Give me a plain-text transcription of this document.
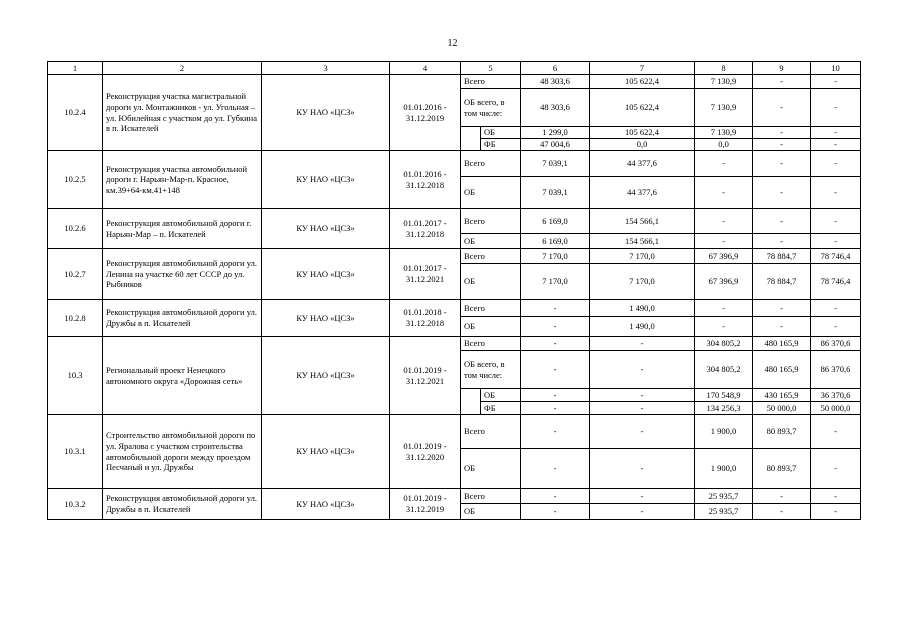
12
1	2	3	4	5		6	7	8	9	10
10.2.4	Реконструкция участка магистральной дороги ул. Монтажников - ул. Угольная – ул. Юбилейная с участком до ул. Губкина в п. Искателей	КУ НАО «ЦСЗ»	01.01.2016 - 31.12.2019	Всего		48 303,6	105 622,4	7 130,9	-	-
				ОБ всего, в том числе:		48 303,6	105 622,4	7 130,9	-	-
					ОБ	1 299,0	105 622,4	7 130,9	-	-
					ФБ	47 004,6	0,0	0,0	-	-
10.2.5	Реконструкция участка автомобильной дороги г. Нарьян-Мар-п. Красное, км.39+64-км.41+148	КУ НАО «ЦСЗ»	01.01.2016 - 31.12.2018	Всего		7 039,1	44 377,6	-	-	-
				ОБ		7 039,1	44 377,6	-	-	-
10.2.6	Реконструкция автомобильной дороги г. Нарьян-Мар – п. Искателей	КУ НАО «ЦСЗ»	01.01.2017 - 31.12.2018	Всего		6 169,0	154 566,1	-	-	-
				ОБ		6 169,0	154 566,1	-	-	-
10.2.7	Реконструкция автомобильной дороги ул. Ленина на участке 60 лет СССР до ул. Рыбников	КУ НАО «ЦСЗ»	01.01.2017 - 31.12.2021	Всего		7 170,0	7 170,0	67 396,9	78 884,7	78 746,4
				ОБ		7 170,0	7 170,0	67 396,9	78 884,7	78 746,4
10.2.8	Реконструкция автомобильной дороги ул. Дружбы в п. Искателей	КУ НАО «ЦСЗ»	01.01.2018 - 31.12.2018	Всего		-	1 490,0	-	-	-
				ОБ		-	1 490,0	-	-	-
10.3	Региональный проект Ненецкого автономного округа «Дорожная сеть»	КУ НАО «ЦСЗ»	01.01.2019 - 31.12.2021	Всего		-	-	304 805,2	480 165,9	86 370,6
				ОБ всего, в том числе:		-	-	304 805,2	480 165,9	86 370,6
					ОБ	-	-	170 548,9	430 165,9	36 370,6
					ФБ	-	-	134 256,3	50 000,0	50 000,0
10.3.1	Строительство автомобильной дороги по ул. Яралова с участком строительства автомобильной дороги между проездом Песчаный и ул. Дружбы	КУ НАО «ЦСЗ»	01.01.2019 - 31.12.2020	Всего		-	-	1 900,0	80 893,7	-
				ОБ		-	-	1 900,0	80 893,7	-
10.3.2	Реконструкция автомобильной дороги ул. Дружбы в п. Искателей	КУ НАО «ЦСЗ»	01.01.2019 - 31.12.2019	Всего		-	-	25 935,7	-	-
				ОБ		-	-	25 935,7	-	-
